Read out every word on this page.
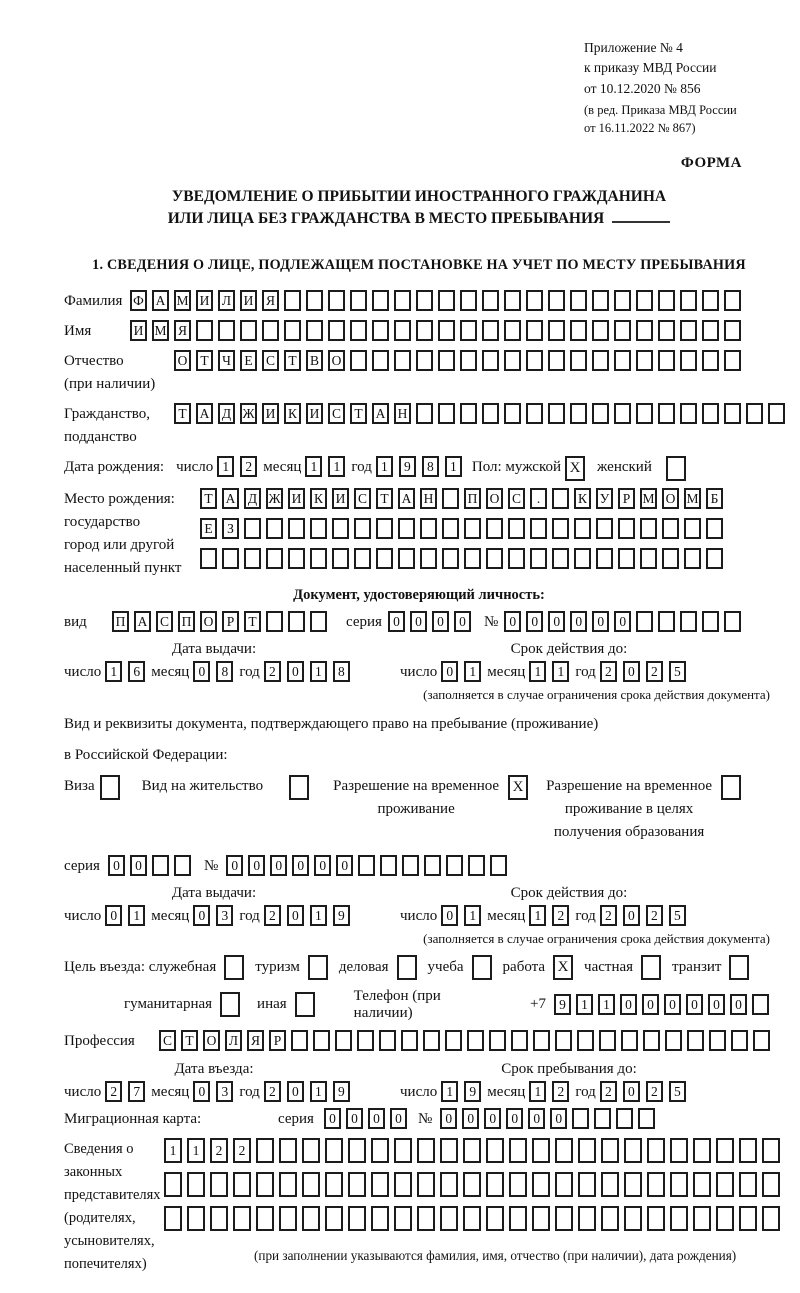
Приложение № 4
к приказу МВД России
от 10.12.2020 № 856
(в ред. Приказа МВД России
от 16.11.2022 № 867)
ФОРМА
УВЕДОМЛЕНИЕ О ПРИБЫТИИ ИНОСТРАННОГО ГРАЖДАНИНА
ИЛИ ЛИЦА БЕЗ ГРАЖДАНСТВА В МЕСТО ПРЕБЫВАНИЯ
1. СВЕДЕНИЯ О ЛИЦЕ, ПОДЛЕЖАЩЕМ ПОСТАНОВКЕ НА УЧЕТ ПО МЕСТУ ПРЕБЫВАНИЯ
Фамилия Ф А М И Л И Я
Имя	И М Я
Отчество
(при наличии)
О Т Ч Е С Т В О
Гражданство,
подданство
Т А Д Ж И К И С Т А Н
Дата рождения: число 1	2 месяц 1	1 год 1	9	8	1	Пол: мужской X	женский
Место рождения:
государство
город или другой
населенный пункт
Т А Д Ж И К И С Т А Н	П О С	.	К У Р М О М Б
Е	З
Документ, удостоверяющий личность:
вид	П А С П О Р	Т	серия 0	0	0	0	№ 0	0	0	0	0	0
Дата выдачи:	Срок действия до:
число 1	6 месяц 0	8 год 2	0	1	8	число 0	1 месяц 1	1 год 2	0	2	5
(заполняется в случае ограничения срока действия документа)
Вид и реквизиты документа, подтверждающего право на пребывание (проживание)
в Российской Федерации:
Виза	Вид на жительство	Разрешение на временное
проживание
X	Разрешение на временное
проживание в целях
получения образования
серия 0	0	№ 0	0	0	0	0	0
Дата выдачи:	Срок действия до:
число 0	1 месяц 0	3 год 2	0	1	9	число 0	1 месяц 1	2 год 2	0	2	5
(заполняется в случае ограничения срока действия документа)
Цель въезда: служебная	туризм	деловая	учеба	работа X	частная	транзит
гуманитарная	иная
Телефон (при наличии)
+7 9	1	1	0	0	0	0	0	0
Профессия	С Т О Л Я	Р
Дата въезда:	Срок пребывания до:
число 2	7 месяц 0	3 год 2	0	1	9	число 1	9 месяц 1	2 год 2	0	2	5
Миграционная карта:	серия	0	0	0	0	№ 0	0	0	0	0	0
Сведения о
законных
представителях
(родителях,
усыновителях,
попечителях)
1	1	2	2
(при заполнении указываются фамилия, имя, отчество (при наличии), дата рождения)
